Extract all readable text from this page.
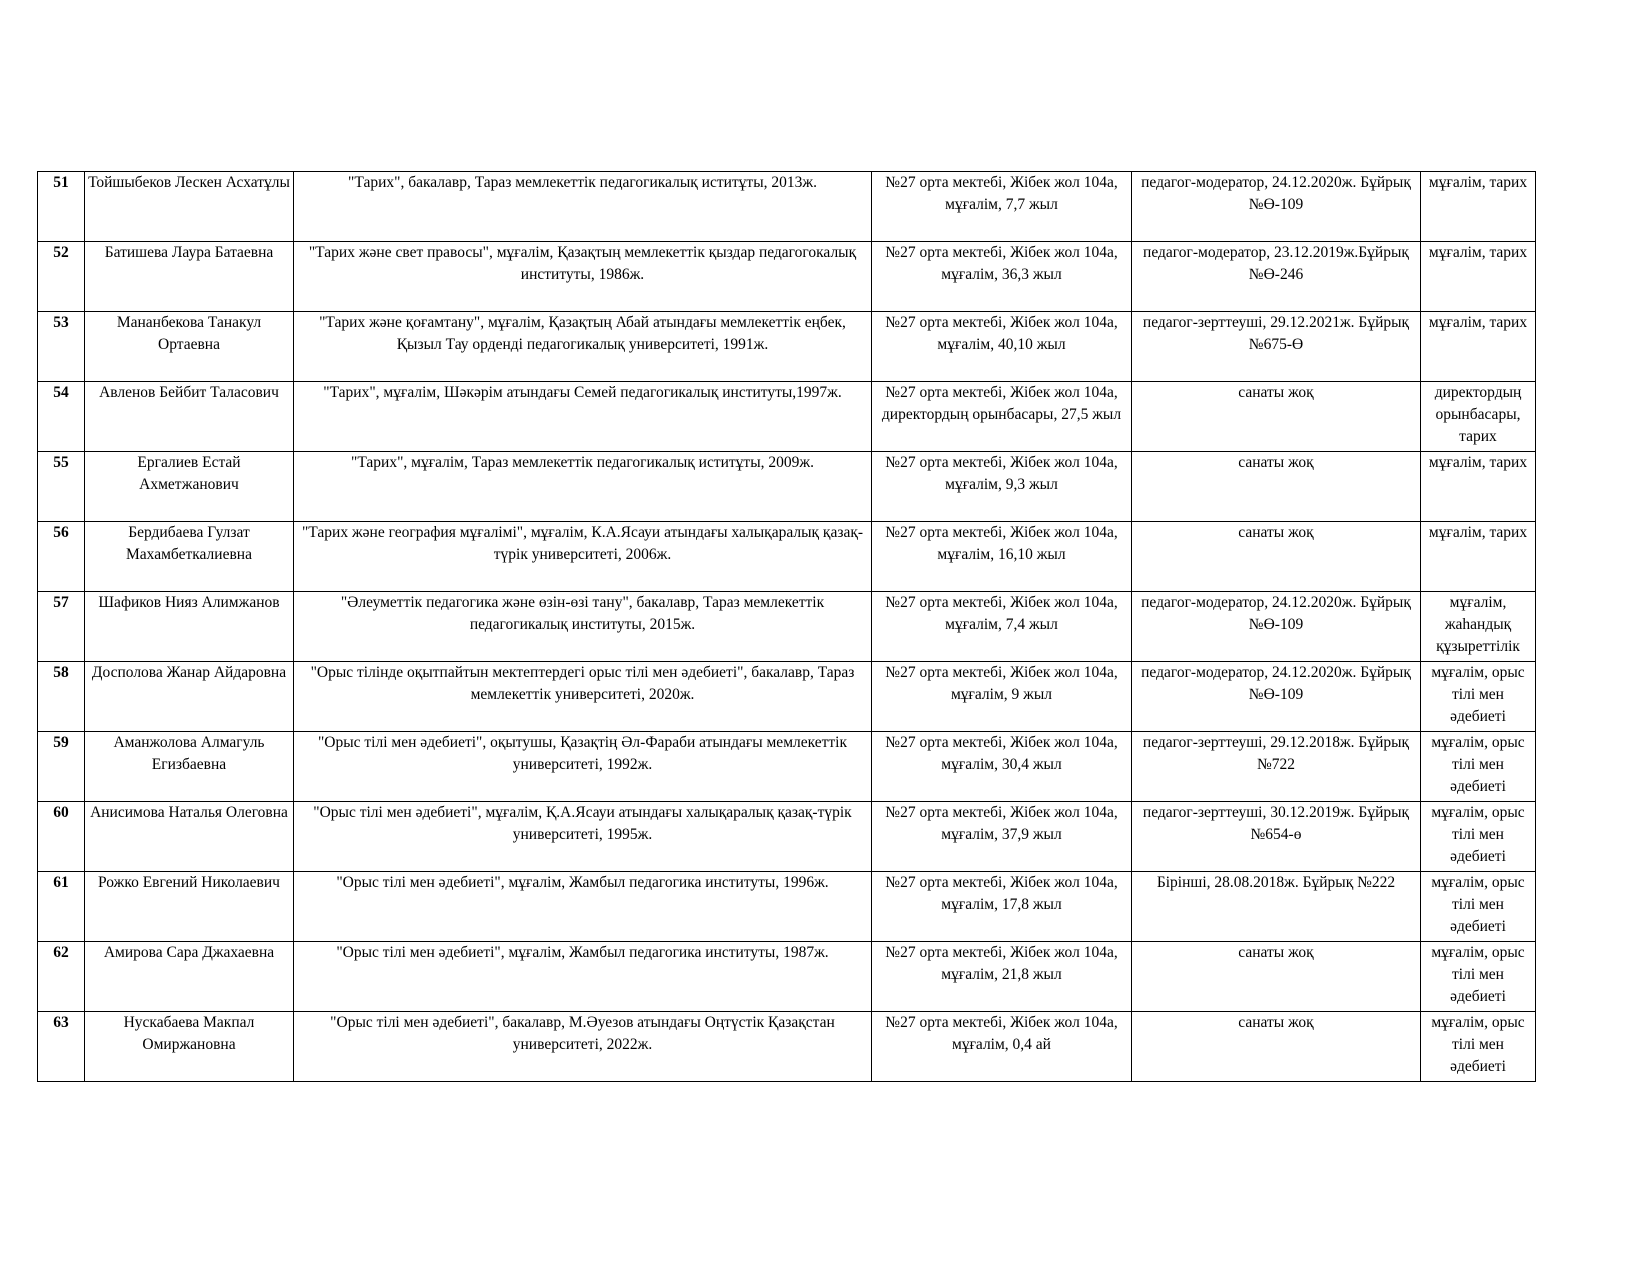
51	Тойшыбеков Лескен Асхатұлы	"Тарих", бакалавр, Тараз мемлекеттік педагогикалық иститұты, 2013ж.	№27 орта мектебі, Жібек жол 104а, мұғалім, 7,7 жыл	педагог-модератор, 24.12.2020ж. Бұйрық №Ө-109	мұғалім, тарих
52	Батишева Лаура Батаевна	"Тарих және свет правосы", мұғалім, Қазақтың мемлекеттік қыздар педагогокалық институты, 1986ж.	№27 орта мектебі, Жібек жол 104а, мұғалім, 36,3 жыл	педагог-модератор, 23.12.2019ж.Бұйрық №Ө-246	мұғалім, тарих
53	Мананбекова Танакул Ортаевна	"Тарих және қоғамтану", мұғалім, Қазақтың Абай атындағы мемлекеттік еңбек, Қызыл Тау орденді педагогикалық университеті, 1991ж.	№27 орта мектебі, Жібек жол 104а, мұғалім, 40,10 жыл	педагог-зерттеуші, 29.12.2021ж. Бұйрық №675-Ө	мұғалім, тарих
54	Авленов Бейбит Таласович	"Тарих", мұғалім, Шәкәрім атындағы Семей педагогикалық институты,1997ж.	№27 орта мектебі, Жібек жол 104а, директордың орынбасары, 27,5 жыл	санаты жоқ	директордың орынбасары, тарих
55	Ергалиев Естай Ахметжанович	"Тарих", мұғалім, Тараз мемлекеттік педагогикалық иститұты, 2009ж.	№27 орта мектебі, Жібек жол 104а, мұғалім, 9,3 жыл	санаты жоқ	мұғалім, тарих
56	Бердибаева Гулзат Махамбеткалиевна	"Тарих және география мұғалімі", мұғалім, К.А.Ясауи атындағы халықаралық қазақ-түрік университеті, 2006ж.	№27 орта мектебі, Жібек жол 104а, мұғалім, 16,10 жыл	санаты жоқ	мұғалім, тарих
57	Шафиков Нияз Алимжанов	"Әлеуметтік педагогика және өзін-өзі тану", бакалавр, Тараз мемлекеттік педагогикалық институты, 2015ж.	№27 орта мектебі, Жібек жол 104а, мұғалім, 7,4 жыл	педагог-модератор, 24.12.2020ж. Бұйрық №Ө-109	мұғалім, жаһандық құзыреттілік
58	Досполова Жанар Айдаровна	"Орыс тілінде оқытпайтын мектептердегі орыс тілі мен әдебиеті", бакалавр, Тараз мемлекеттік университеті, 2020ж.	№27 орта мектебі, Жібек жол 104а, мұғалім, 9 жыл	педагог-модератор, 24.12.2020ж. Бұйрық №Ө-109	мұғалім, орыс тілі мен әдебиеті
59	Аманжолова Алмагуль Егизбаевна	"Орыс тілі мен әдебиеті", оқытушы, Қазақтің Әл-Фараби атындағы мемлекеттік университеті, 1992ж.	№27 орта мектебі, Жібек жол 104а, мұғалім, 30,4 жыл	педагог-зерттеуші, 29.12.2018ж. Бұйрық №722	мұғалім, орыс тілі мен әдебиеті
60	Анисимова Наталья Олеговна	"Орыс тілі мен әдебиеті", мұғалім, Қ.А.Ясауи атындағы халықаралық қазақ-түрік университеті, 1995ж.	№27 орта мектебі, Жібек жол 104а, мұғалім, 37,9 жыл	педагог-зерттеуші, 30.12.2019ж. Бұйрық №654-ө	мұғалім, орыс тілі мен әдебиеті
61	Рожко Евгений Николаевич	"Орыс тілі мен әдебиеті", мұғалім, Жамбыл педагогика институты, 1996ж.	№27 орта мектебі, Жібек жол 104а, мұғалім, 17,8 жыл	Бірінші, 28.08.2018ж. Бұйрық №222	мұғалім, орыс тілі мен әдебиеті
62	Амирова Сара Джахаевна	"Орыс тілі мен әдебиеті", мұғалім, Жамбыл педагогика институты, 1987ж.	№27 орта мектебі, Жібек жол 104а, мұғалім, 21,8 жыл	санаты жоқ	мұғалім, орыс тілі мен әдебиеті
63	Нускабаева Макпал Омиржановна	"Орыс тілі мен әдебиеті", бакалавр, М.Әуезов атындағы Оңтүстік Қазақстан университеті, 2022ж.	№27 орта мектебі, Жібек жол 104а, мұғалім, 0,4 ай	санаты жоқ	мұғалім, орыс тілі мен әдебиеті
